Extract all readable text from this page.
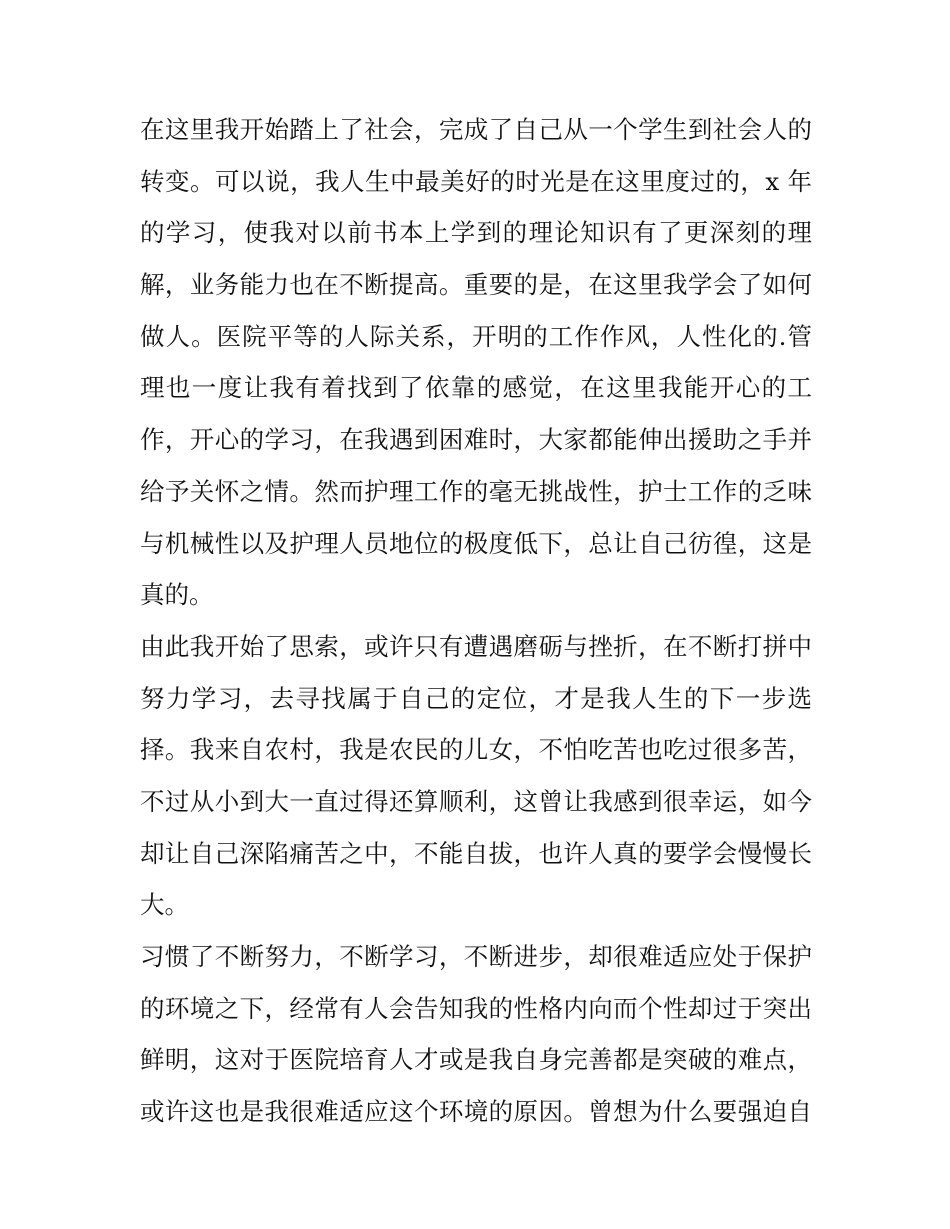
在这里我开始踏上了社会，完成了自己从一个学生到社会人的
转变。可以说，我人生中最美好的时光是在这里度过的，x 年
的学习，使我对以前书本上学到的理论知识有了更深刻的理
解，业务能力也在不断提高。重要的是，在这里我学会了如何
做人。医院平等的人际关系，开明的工作作风，人性化的.管
理也一度让我有着找到了依靠的感觉，在这里我能开心的工
作，开心的学习，在我遇到困难时，大家都能伸出援助之手并
给予关怀之情。然而护理工作的毫无挑战性，护士工作的乏味
与机械性以及护理人员地位的极度低下，总让自己彷徨，这是
真的。
由此我开始了思索，或许只有遭遇磨砺与挫折，在不断打拼中
努力学习，去寻找属于自己的定位，才是我人生的下一步选
择。我来自农村，我是农民的儿女，不怕吃苦也吃过很多苦，
不过从小到大一直过得还算顺利，这曾让我感到很幸运，如今
却让自己深陷痛苦之中，不能自拔，也许人真的要学会慢慢长
大。
习惯了不断努力，不断学习，不断进步，却很难适应处于保护
的环境之下，经常有人会告知我的性格内向而个性却过于突出
鲜明，这对于医院培育人才或是我自身完善都是突破的难点，
或许这也是我很难适应这个环境的原因。曾想为什么要强迫自
